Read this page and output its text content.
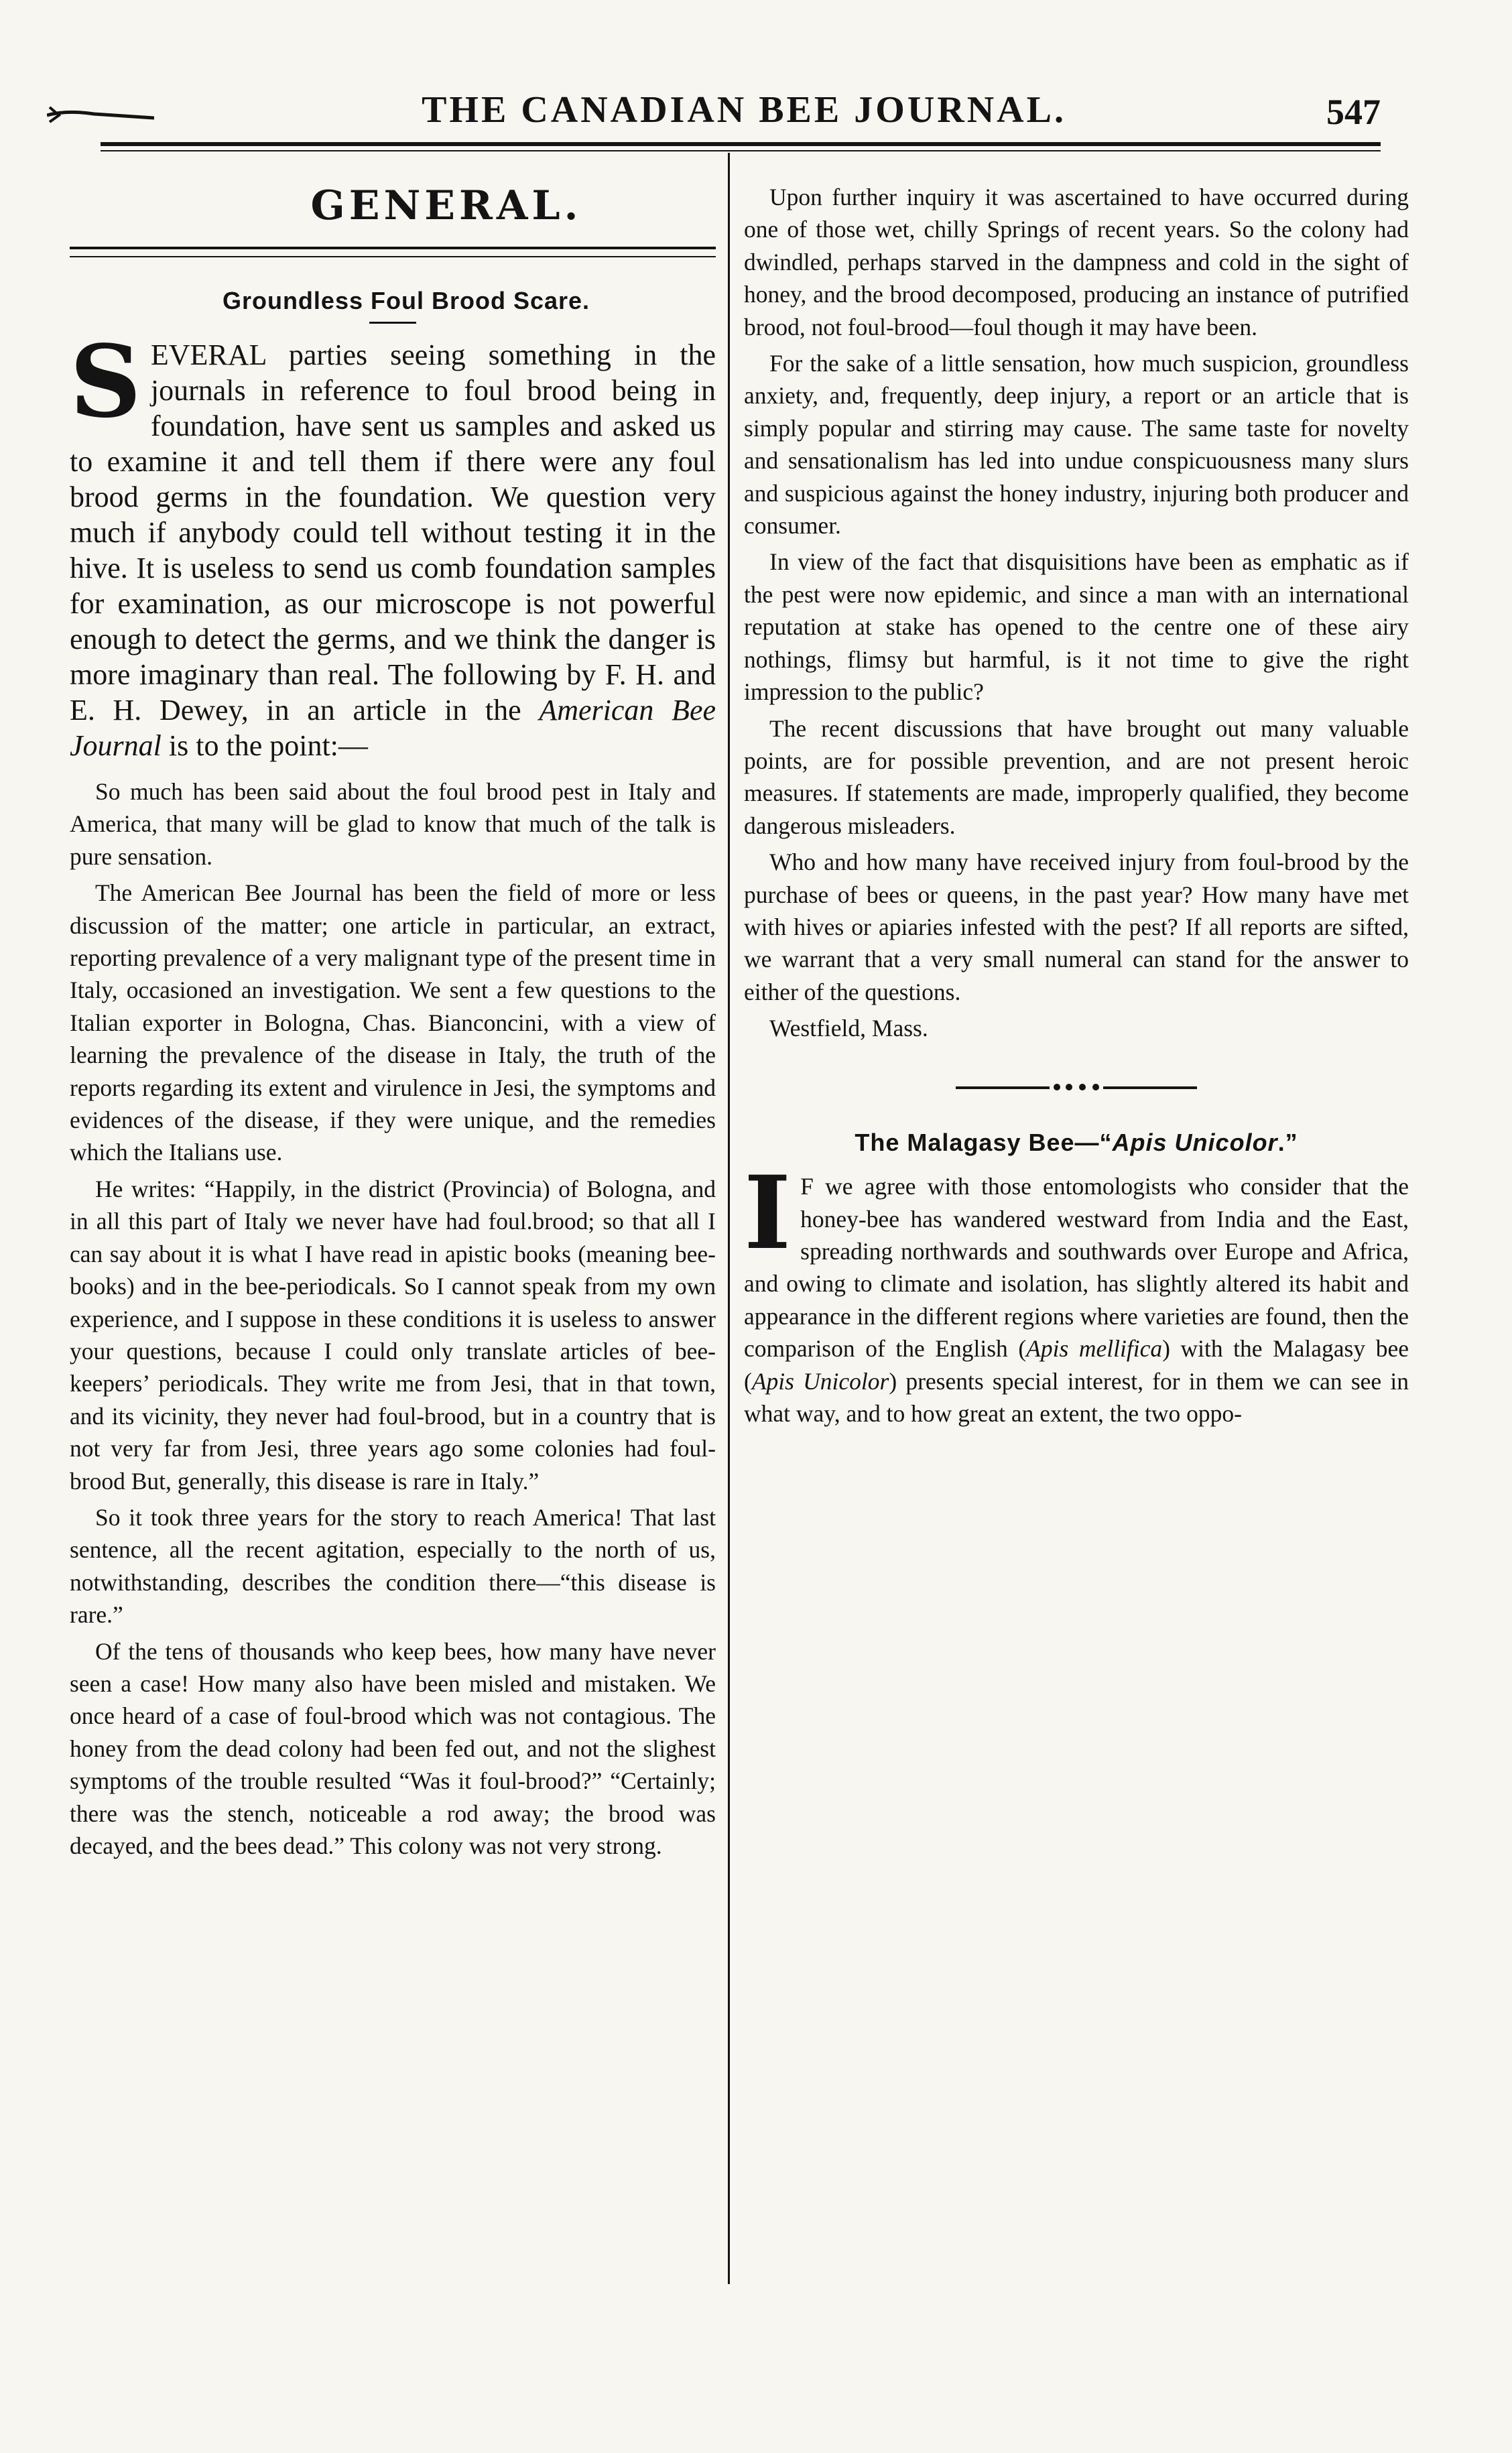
THE CANADIAN BEE JOURNAL.	547
GENERAL.
Groundless Foul Brood Scare.
SEVERAL parties seeing something in the journals in reference to foul brood being in foundation, have sent us samples and asked us to examine it and tell them if there were any foul brood germs in the foundation. We question very much if anybody could tell without testing it in the hive. It is useless to send us comb foundation samples for examination, as our microscope is not powerful enough to detect the germs, and we think the danger is more imaginary than real. The following by F. H. and E. H. Dewey, in an article in the American Bee Journal is to the point:—

So much has been said about the foul brood pest in Italy and America, that many will be glad to know that much of the talk is pure sensation.

The American Bee Journal has been the field of more or less discussion of the matter; one article in particular, an extract, reporting prevalence of a very malignant type of the present time in Italy, occasioned an investigation. We sent a few questions to the Italian exporter in Bologna, Chas. Bianconcini, with a view of learning the prevalence of the disease in Italy, the truth of the reports regarding its extent and virulence in Jesi, the symptoms and evidences of the disease, if they were unique, and the remedies which the Italians use.

He writes: “Happily, in the district (Provincia) of Bologna, and in all this part of Italy we never have had foul.brood; so that all I can say about it is what I have read in apistic books (meaning bee-books) and in the bee-periodicals. So I cannot speak from my own experience, and I suppose in these conditions it is useless to answer your questions, because I could only translate articles of bee-keepers’ periodicals. They write me from Jesi, that in that town, and its vicinity, they never had foul-brood, but in a country that is not very far from Jesi, three years ago some colonies had foul-brood But, generally, this disease is rare in Italy.”

So it took three years for the story to reach America! That last sentence, all the recent agitation, especially to the north of us, notwithstanding, describes the condition there—“this disease is rare.”

Of the tens of thousands who keep bees, how many have never seen a case! How many also have been misled and mistaken. We once heard of a case of foul-brood which was not contagious. The honey from the dead colony had been fed out, and not the slighest symptoms of the trouble resulted “Was it foul-brood?” “Certainly; there was the stench, noticeable a rod away; the brood was decayed, and the bees dead.” This colony was not very strong.

Upon further inquiry it was ascertained to have occurred during one of those wet, chilly Springs of recent years. So the colony had dwindled, perhaps starved in the dampness and cold in the sight of honey, and the brood decomposed, producing an instance of putrified brood, not foul-brood—foul though it may have been.

For the sake of a little sensation, how much suspicion, groundless anxiety, and, frequently, deep injury, a report or an article that is simply popular and stirring may cause. The same taste for novelty and sensationalism has led into undue conspicuousness many slurs and suspicious against the honey industry, injuring both producer and consumer.

In view of the fact that disquisitions have been as emphatic as if the pest were now epidemic, and since a man with an international reputation at stake has opened to the centre one of these airy nothings, flimsy but harmful, is it not time to give the right impression to the public?

The recent discussions that have brought out many valuable points, are for possible prevention, and are not present heroic measures. If statements are made, improperly qualified, they become dangerous misleaders.

Who and how many have received injury from foul-brood by the purchase of bees or queens, in the past year? How many have met with hives or apiaries infested with the pest? If all reports are sifted, we warrant that a very small numeral can stand for the answer to either of the questions.

Westfield, Mass.
The Malagasy Bee—“Apis Unicolor.”

I F we agree with those entomologists who consider that the honey-bee has wandered westward from India and the East, spreading northwards and southwards over Europe and Africa, and owing to climate and isolation, has slightly altered its habit and appearance in the different regions where varieties are found, then the comparison of the English (Apis mellifica) with the Malagasy bee (Apis Unicolor) presents special interest, for in them we can see in what way, and to how great an extent, the two oppo-
